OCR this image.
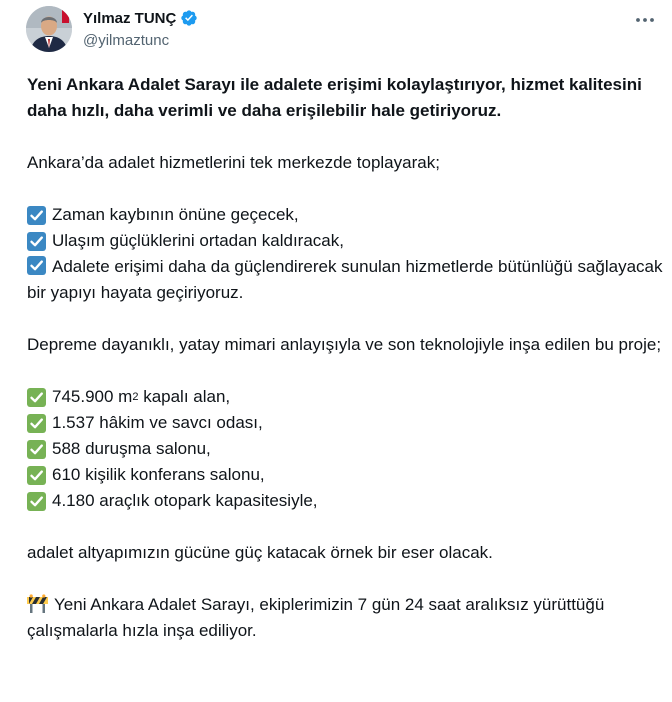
Yılmaz TUNÇ
@yilmaztunc

Yeni Ankara Adalet Sarayı ile adalete erişimi kolaylaştırıyor, hizmet kalitesini daha hızlı, daha verimli ve daha erişilebilir hale getiriyoruz.

Ankara’da adalet hizmetlerini tek merkezde toplayarak;

Zaman kaybının önüne geçecek,

Ulaşım güçlüklerini ortadan kaldıracak,

Adalete erişimi daha da güçlendirerek sunulan hizmetlerde bütünlüğü sağlayacak bir yapıyı hayata geçiriyoruz.

Depreme dayanıklı, yatay mimari anlayışıyla ve son teknolojiyle inşa edilen bu proje;

745.900 m 2 kapalı alan,

1.537 hâkim ve savcı odası,

588 duruşma salonu,

610 kişilik konferans salonu,

4.180 araçlık otopark kapasitesiyle,

adalet altyapımızın gücüne güç katacak örnek bir eser olacak.

Yeni Ankara Adalet Sarayı, ekiplerimizin 7 gün 24 saat aralıksız yürüttüğü çalışmalarla hızla inşa ediliyor.
